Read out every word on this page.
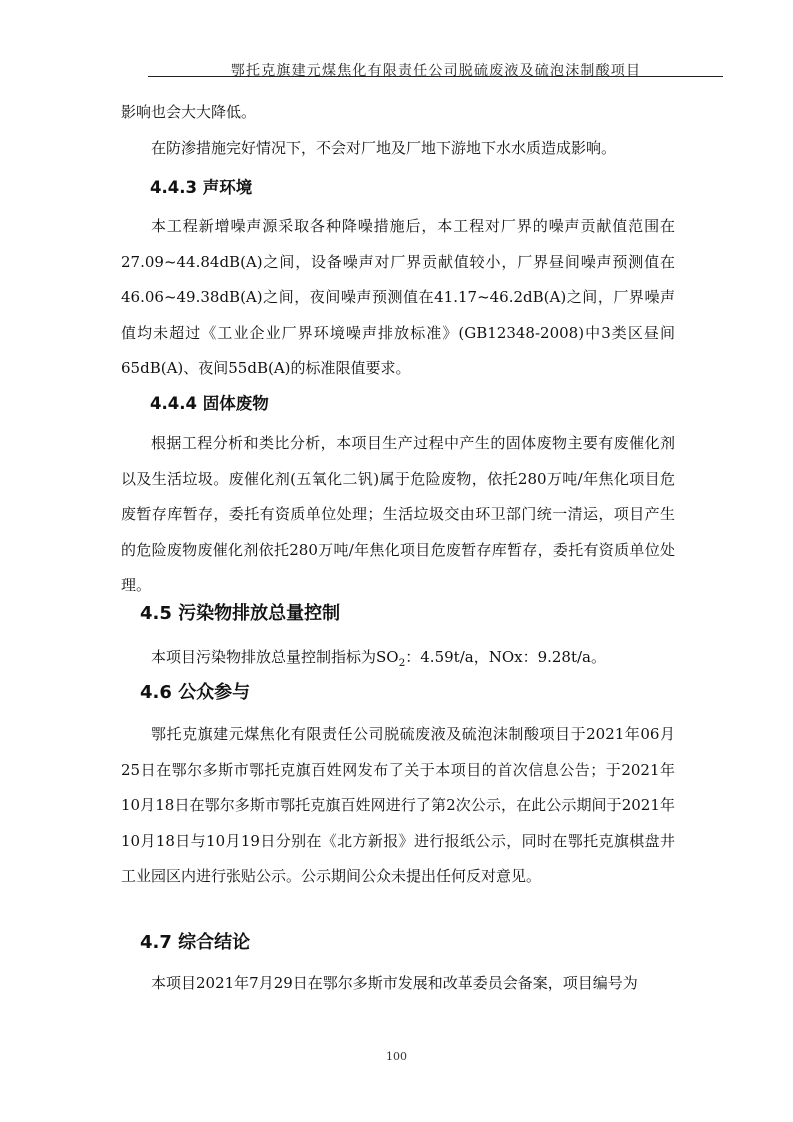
鄂托克旗建元煤焦化有限责任公司脱硫废液及硫泡沫制酸项目

影响也会大大降低。

在防渗措施完好情况下，不会对厂地及厂地下游地下水水质造成影响。

4.4.3 声环境

本工程新增噪声源采取各种降噪措施后，本工程对厂界的噪声贡献值范围在27.09~44.84dB(A)之间，设备噪声对厂界贡献值较小，厂界昼间噪声预测值在46.06~49.38dB(A)之间，夜间噪声预测值在41.17~46.2dB(A)之间，厂界噪声值均未超过《工业企业厂界环境噪声排放标准》(GB12348-2008)中3类区昼间65dB(A)、夜间55dB(A)的标准限值要求。

4.4.4 固体废物

根据工程分析和类比分析，本项目生产过程中产生的固体废物主要有废催化剂以及生活垃圾。废催化剂(五氧化二钒)属于危险废物，依托280万吨/年焦化项目危废暂存库暂存，委托有资质单位处理；生活垃圾交由环卫部门统一清运，项目产生的危险废物废催化剂依托280万吨/年焦化项目危废暂存库暂存，委托有资质单位处理。

4.5 污染物排放总量控制

本项目污染物排放总量控制指标为$SO_2$：4.59t/a，NOx：9.28t/a。

4.6 公众参与

鄂托克旗建元煤焦化有限责任公司脱硫废液及硫泡沫制酸项目于2021年06月25日在鄂尔多斯市鄂托克旗百姓网发布了关于本项目的首次信息公告；于2021年10月18日在鄂尔多斯市鄂托克旗百姓网进行了第2次公示，在此公示期间于2021年10月18日与10月19日分别在《北方新报》进行报纸公示，同时在鄂托克旗棋盘井工业园区内进行张贴公示。公示期间公众未提出任何反对意见。

4.7 综合结论

本项目2021年7月29日在鄂尔多斯市发展和改革委员会备案，项目编号为

100
